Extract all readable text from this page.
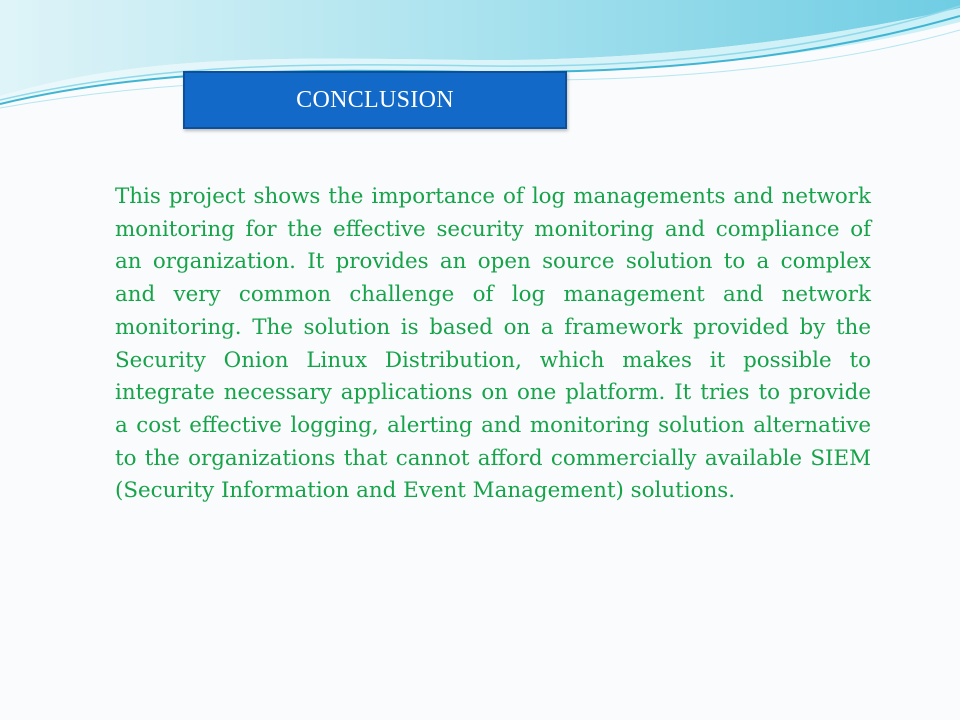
CONCLUSION

This project shows the importance of log managements and network monitoring for the effective security monitoring and compliance of an organization. It provides an open source solution to a complex and very common challenge of log management and network monitoring. The solution is based on a framework provided by the Security Onion Linux Distribution, which makes it possible to integrate necessary applications on one platform. It tries to provide a cost effective logging, alerting and monitoring solution alternative to the organizations that cannot afford commercially available SIEM (Security Information and Event Management) solutions.
